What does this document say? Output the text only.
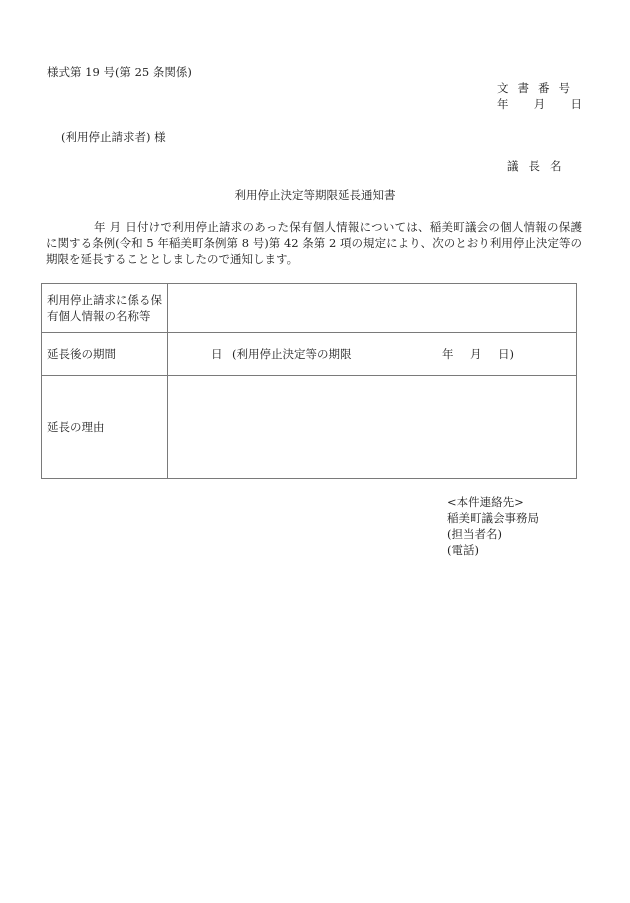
様式第 19 号(第 25 条関係)
文書番号
年 月 日
(利用停止請求者) 様
議長名
利用停止決定等期限延長通知書
年 月 日付けで利用停止請求のあった保有個人情報については、稲美町議会の個人情報の保護に関する条例(令和 5 年稲美町条例第 8 号)第 42 条第 2 項の規定により、次のとおり利用停止決定等の期限を延長することとしましたので通知します。
利用停止請求に係る保有個人情報の名称等	
延長後の期間	日 (利用停止決定等の期限 年 月 日)

延長の理由	
<本件連絡先>
稲美町議会事務局
(担当者名)
(電話)
